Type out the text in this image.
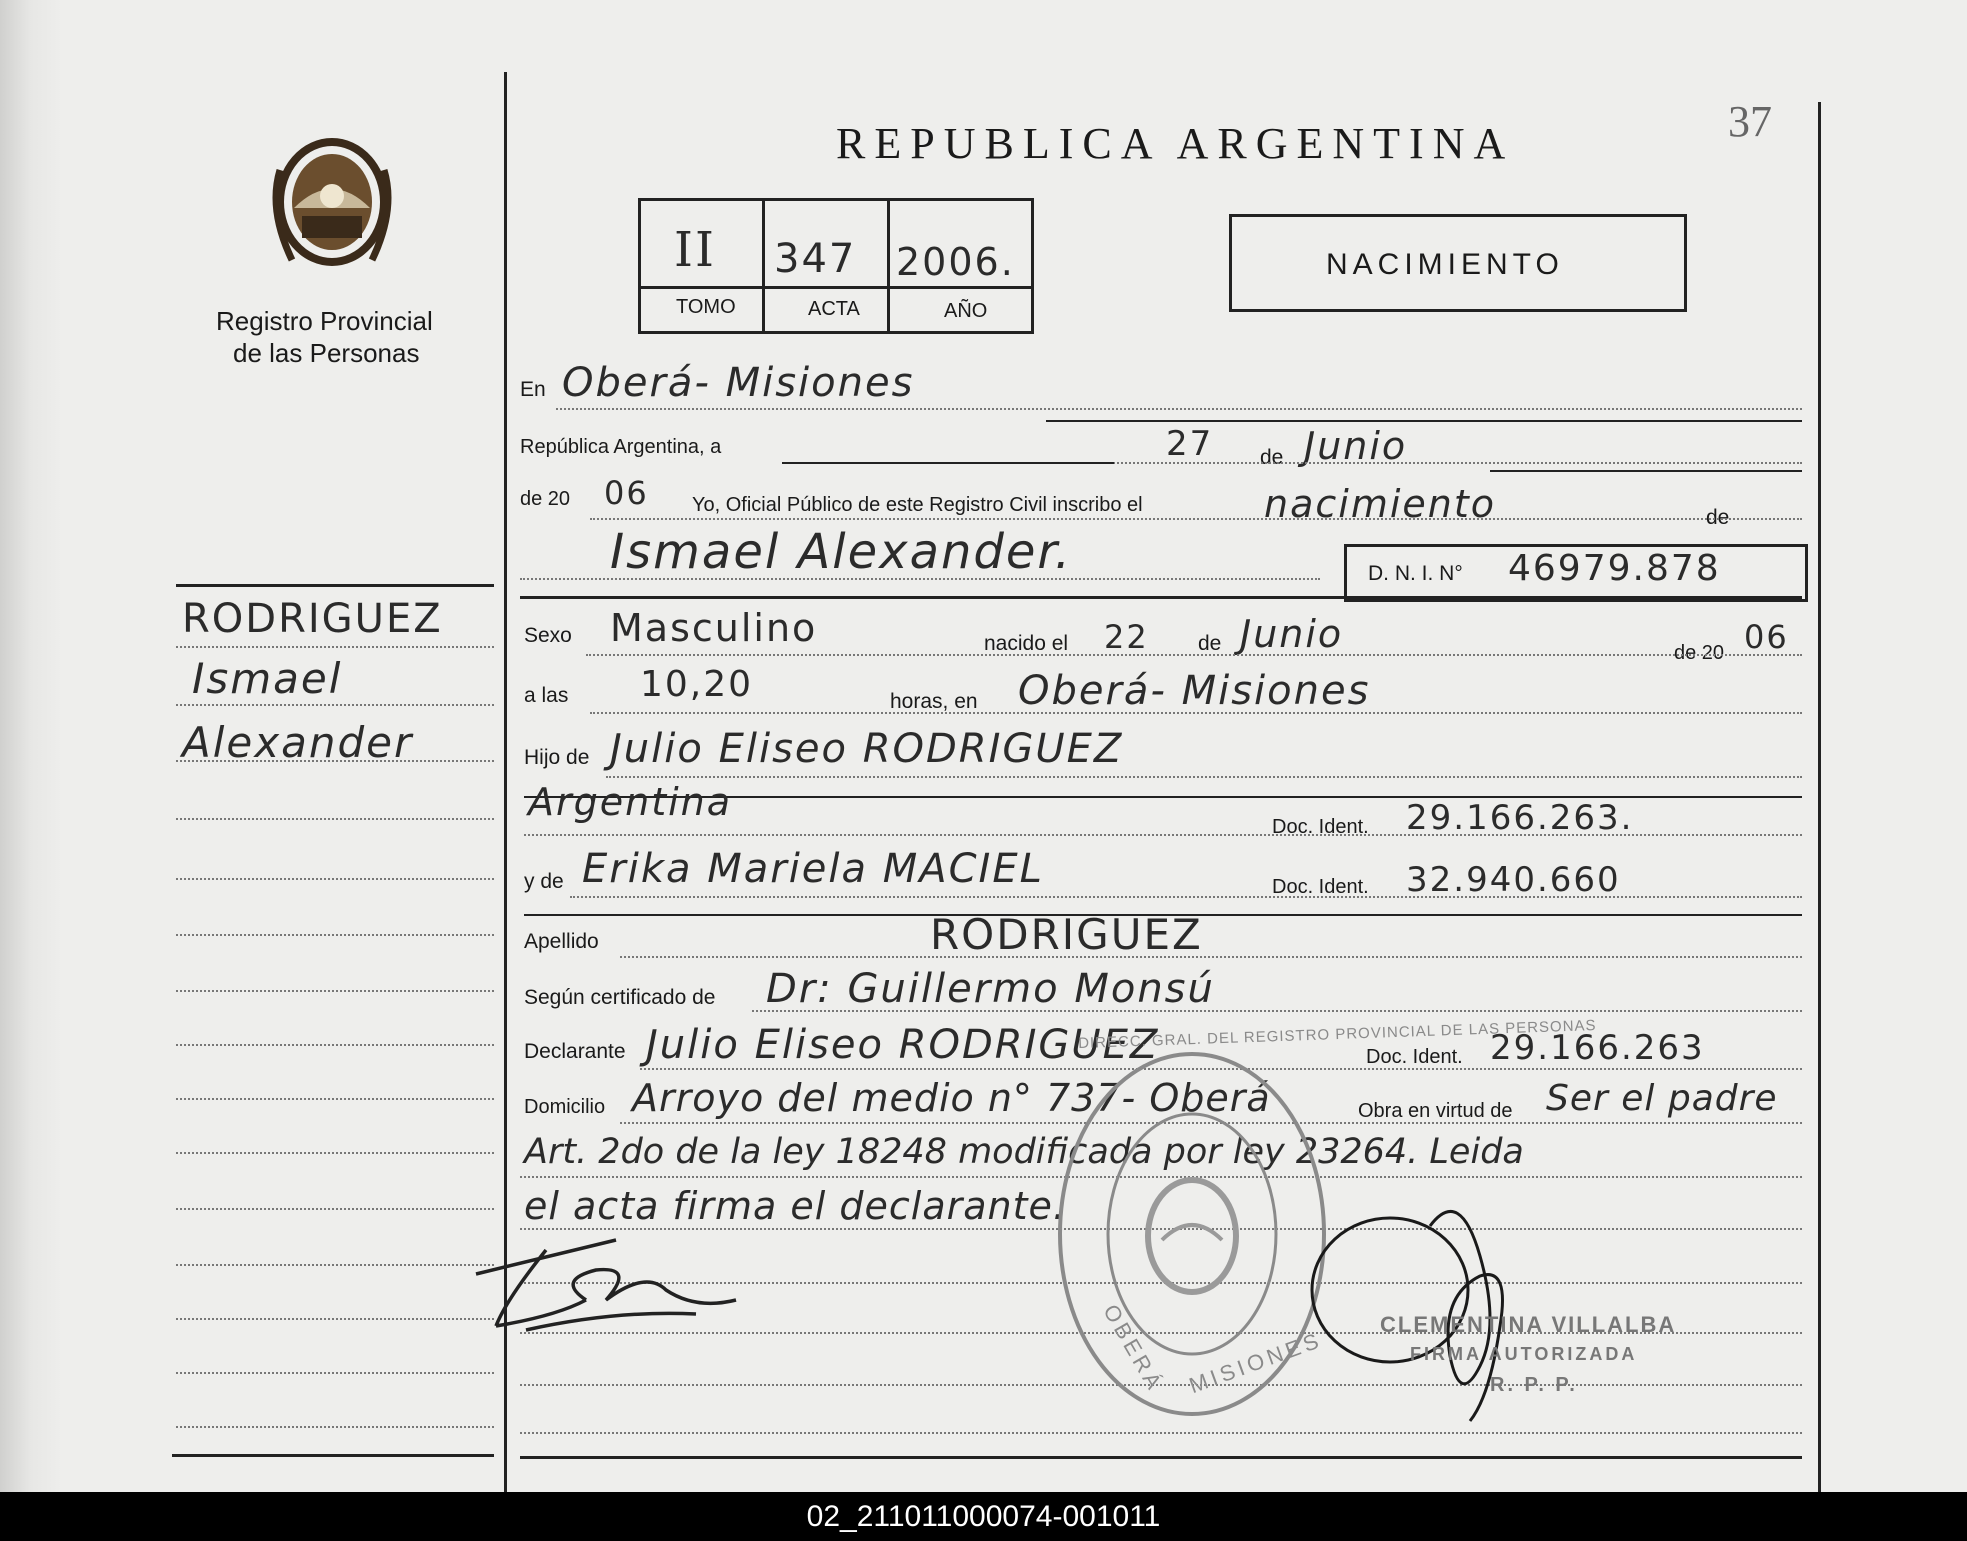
Registro Provincial
de las Personas
RODRIGUEZ
Ismael
Alexander
REPUBLICA ARGENTINA	37
II 347 2006.
TOMO	ACTA	AÑO
NACIMIENTO
En Oberá- Misiones
República Argentina, a	27 de Junio
de 20 06 Yo, Oficial Público de este Registro Civil inscribo el	nacimiento	de
Ismael Alexander.	D. N. I. N° 46979.878
Sexo Masculino	nacido el 22 de Junio	de 20 06
a las 10,20	horas, en Oberá- Misiones
Hijo de Julio Eliseo RODRIGUEZ
Argentina
Doc. Ident. 29.166.263.
y de Erika Mariela MACIEL	Doc. Ident. 32.940.660
Apellido	RODRIGUEZ
Según certificado de Dr: Guillermo Monsú
Declarante Julio Eliseo RODRIGUEZ	Doc. Ident. 29.166.263
Domicilio Arroyo del medio n° 737- Oberá	Obra en virtud de Ser el padre
Art. 2do de la ley 18248 modificada por ley 23264. Leida
el acta firma el declarante.
DIRECC. GRAL. DEL REGISTRO PROVINCIAL DE LAS PERSONAS
OBERÁ MISIONES
CLEMENTINA VILLALBA
FIRMA AUTORIZADA
R. P. P.
02_211011000074-001011
